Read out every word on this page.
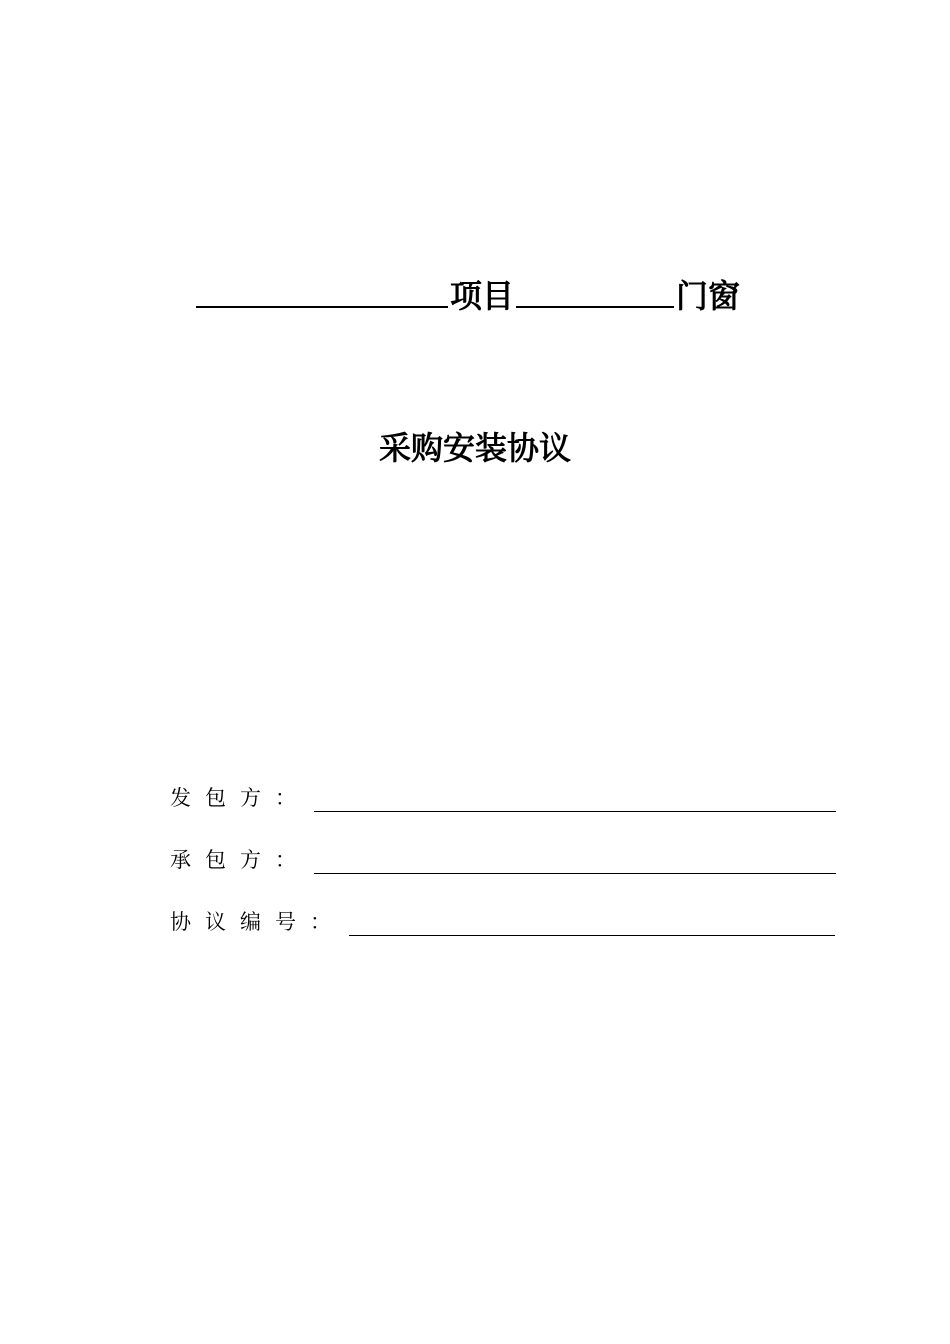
项目	门窗
采购安装协议
发包方：
承包方：
协议编号：
